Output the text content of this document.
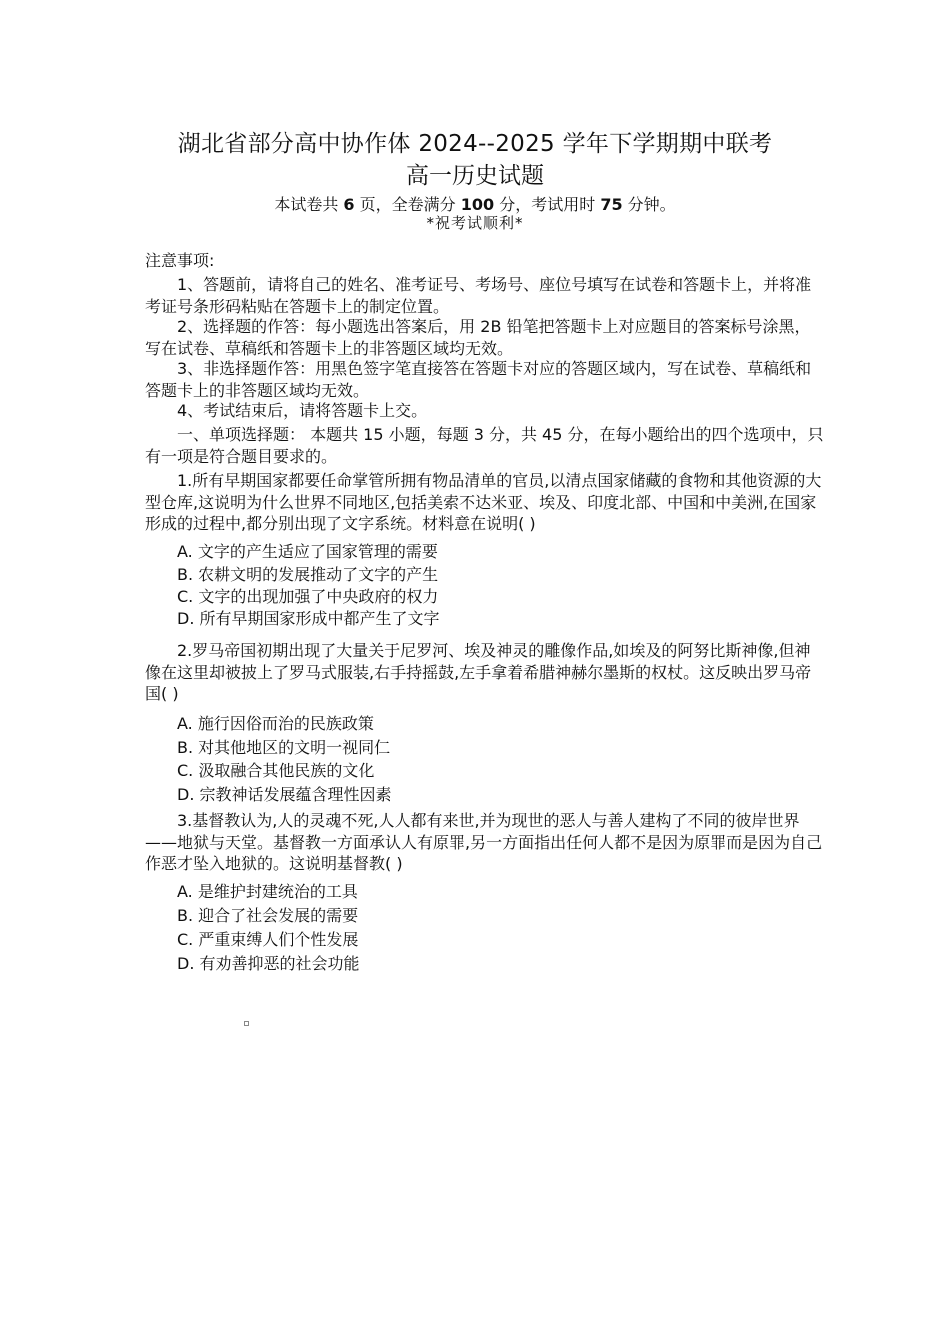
湖北省部分高中协作体 2024--2025 学年下学期期中联考
高一历史试题
本试卷共 6 页，全卷满分 100 分，考试用时 75 分钟。
*祝考试顺利*
注意事项:
1、答题前，请将自己的姓名、准考证号、考场号、座位号填写在试卷和答题卡上，并将准考证号条形码粘贴在答题卡上的制定位置。
2、选择题的作答：每小题选出答案后，用 2B 铅笔把答题卡上对应题目的答案标号涂黑，写在试卷、草稿纸和答题卡上的非答题区域均无效。
3、非选择题作答：用黑色签字笔直接答在答题卡对应的答题区域内，写在试卷、草稿纸和答题卡上的非答题区域均无效。
4、考试结束后，请将答题卡上交。
一、单项选择题： 本题共 15 小题，每题 3 分，共 45 分，在每小题给出的四个选项中，只有一项是符合题目要求的。
1.所有早期国家都要任命掌管所拥有物品清单的官员,以清点国家储藏的食物和其他资源的大型仓库,这说明为什么世界不同地区,包括美索不达米亚、埃及、印度北部、中国和中美洲,在国家形成的过程中,都分别出现了文字系统。材料意在说明( )
A. 文字的产生适应了国家管理的需要
B. 农耕文明的发展推动了文字的产生
C. 文字的出现加强了中央政府的权力
D. 所有早期国家形成中都产生了文字
2.罗马帝国初期出现了大量关于尼罗河、埃及神灵的雕像作品,如埃及的阿努比斯神像,但神像在这里却被披上了罗马式服装,右手持摇鼓,左手拿着希腊神赫尔墨斯的权杖。这反映出罗马帝国( )
A. 施行因俗而治的民族政策
B. 对其他地区的文明一视同仁
C. 汲取融合其他民族的文化
D. 宗教神话发展蕴含理性因素
3.基督教认为,人的灵魂不死,人人都有来世,并为现世的恶人与善人建构了不同的彼岸世界——地狱与天堂。基督教一方面承认人有原罪,另一方面指出任何人都不是因为原罪而是因为自己作恶才坠入地狱的。这说明基督教( )
A. 是维护封建统治的工具
B. 迎合了社会发展的需要
C. 严重束缚人们个性发展
D. 有劝善抑恶的社会功能
